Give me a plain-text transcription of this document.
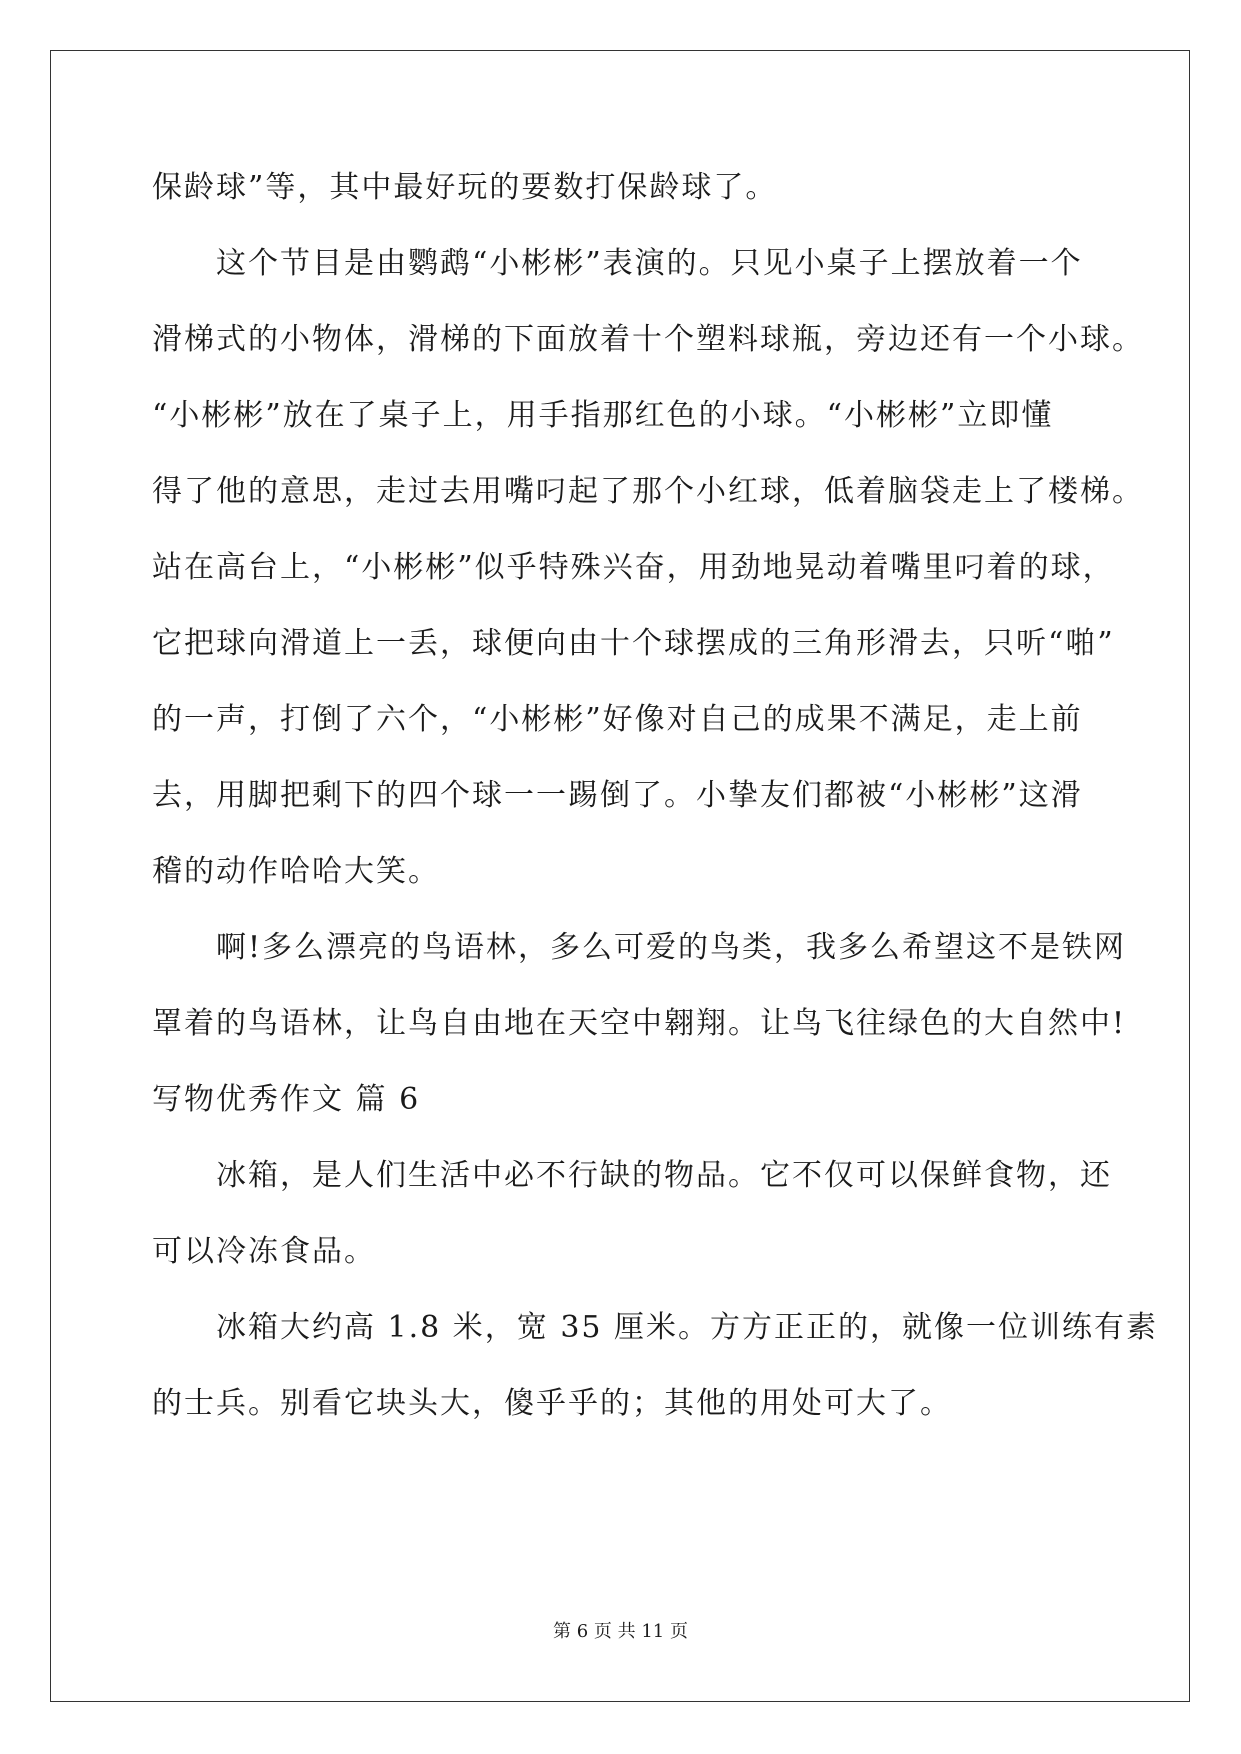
保龄球”等，其中最好玩的要数打保龄球了。
这个节目是由鹦鹉“小彬彬”表演的。只见小桌子上摆放着一个
滑梯式的小物体，滑梯的下面放着十个塑料球瓶，旁边还有一个小球。
“小彬彬”放在了桌子上，用手指那红色的小球。“小彬彬”立即懂
得了他的意思，走过去用嘴叼起了那个小红球，低着脑袋走上了楼梯。
站在高台上，“小彬彬”似乎特殊兴奋，用劲地晃动着嘴里叼着的球，
它把球向滑道上一丢，球便向由十个球摆成的三角形滑去，只听“啪”
的一声，打倒了六个，“小彬彬”好像对自己的成果不满足，走上前
去，用脚把剩下的四个球一一踢倒了。小挚友们都被“小彬彬”这滑
稽的动作哈哈大笑。
啊!多么漂亮的鸟语林，多么可爱的鸟类，我多么希望这不是铁网
罩着的鸟语林，让鸟自由地在天空中翱翔。让鸟飞往绿色的大自然中!
写物优秀作文 篇 6
冰箱，是人们生活中必不行缺的物品。它不仅可以保鲜食物，还
可以冷冻食品。
冰箱大约高 1.8 米，宽 35 厘米。方方正正的，就像一位训练有素
的士兵。别看它块头大，傻乎乎的；其他的用处可大了。
第 6 页 共 11 页
